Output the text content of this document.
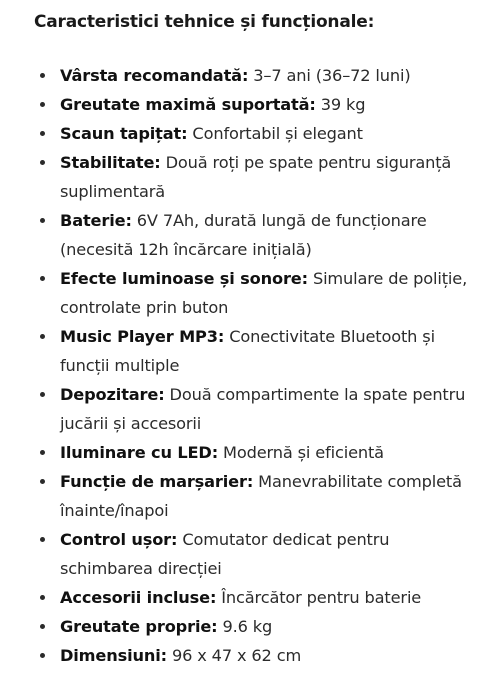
Caracteristici tehnice și funcționale:
Vârsta recomandată: 3–7 ani (36–72 luni)
Greutate maximă suportată: 39 kg
Scaun tapițat: Confortabil și elegant
Stabilitate: Două roți pe spate pentru siguranță suplimentară
Baterie: 6V 7Ah, durată lungă de funcționare (necesită 12h încărcare inițială)
Efecte luminoase și sonore: Simulare de poliție, controlate prin buton
Music Player MP3: Conectivitate Bluetooth și funcții multiple
Depozitare: Două compartimente la spate pentru jucării și accesorii
Iluminare cu LED: Modernă și eficientă
Funcție de marșarier: Manevrabilitate completă înainte/înapoi
Control ușor: Comutator dedicat pentru schimbarea direcției
Accesorii incluse: Încărcător pentru baterie
Greutate proprie: 9.6 kg
Dimensiuni: 96 x 47 x 62 cm
